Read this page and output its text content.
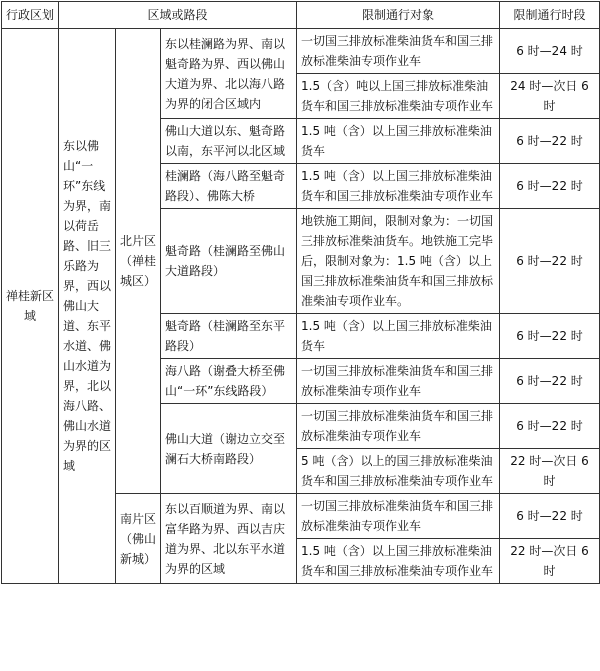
行政区划	区域或路段			限制通行对象	限制通行时段
禅桂新区域	东以佛山“一环”东线为界，南以荷岳路、旧三乐路为界，西以佛山大道、东平水道、佛山水道为界，北以海八路、佛山水道为界的区域	北片区（禅桂城区）	东以桂澜路为界、南以魁奇路为界、西以佛山大道为界、北以海八路为界的闭合区域内	一切国三排放标准柴油货车和国三排放标准柴油专项作业车	6 时—24 时
				1.5（含）吨以上国三排放标准柴油货车和国三排放标准柴油专项作业车	24 时—次日 6 时
			佛山大道以东、魁奇路以南，东平河以北区域	1.5 吨（含）以上国三排放标准柴油货车	6 时—22 时
			桂澜路（海八路至魁奇路段）、佛陈大桥	1.5 吨（含）以上国三排放标准柴油货车和国三排放标准柴油专项作业车	6 时—22 时
			魁奇路（桂澜路至佛山大道路段）	地铁施工期间，限制对象为：一切国三排放标准柴油货车。地铁施工完毕后，限制对象为：1.5 吨（含）以上国三排放标准柴油货车和国三排放标准柴油专项作业车。	6 时—22 时
			魁奇路（桂澜路至东平路段）	1.5 吨（含）以上国三排放标准柴油货车	6 时—22 时
			海八路（谢叠大桥至佛山“一环”东线路段）	一切国三排放标准柴油货车和国三排放标准柴油专项作业车	6 时—22 时
			佛山大道（谢边立交至澜石大桥南路段）	一切国三排放标准柴油货车和国三排放标准柴油专项作业车	6 时—22 时
				5 吨（含）以上的国三排放标准柴油货车和国三排放标准柴油专项作业车	22 时—次日 6 时
		南片区（佛山新城）	东以百顺道为界、南以富华路为界、西以吉庆道为界、北以东平水道为界的区域	一切国三排放标准柴油货车和国三排放标准柴油专项作业车	6 时—22 时
				1.5 吨（含）以上国三排放标准柴油货车和国三排放标准柴油专项作业车	22 时—次日 6 时
